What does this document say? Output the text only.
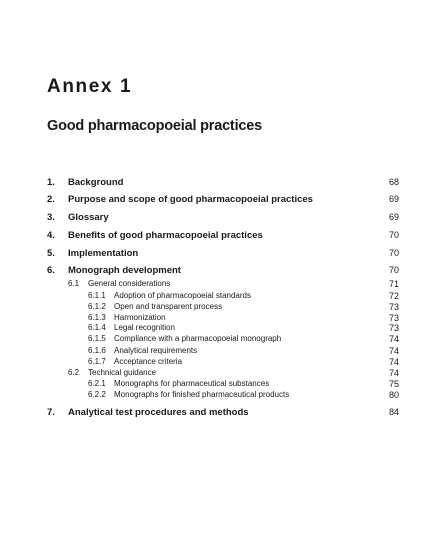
Annex 1
Good pharmacopoeial practices
1. Background	68
2. Purpose and scope of good pharmacopoeial practices	69
3. Glossary	69
4. Benefits of good pharmacopoeial practices	70
5. Implementation	70
6. Monograph development	70
6.1 General considerations	71
6.1.1 Adoption of pharmacopoeial standards	72
6.1.2 Open and transparent process	73
6.1.3 Harmonization	73
6.1.4 Legal recognition	73
6.1.5 Compliance with a pharmacopoeial monograph	74
6.1.6 Analytical requirements	74
6.1.7 Acceptance criteria	74
6.2 Technical guidance	74
6.2.1 Monographs for pharmaceutical substances	75
6.2.2 Monographs for finished pharmaceutical products	80
7. Analytical test procedures and methods	84
